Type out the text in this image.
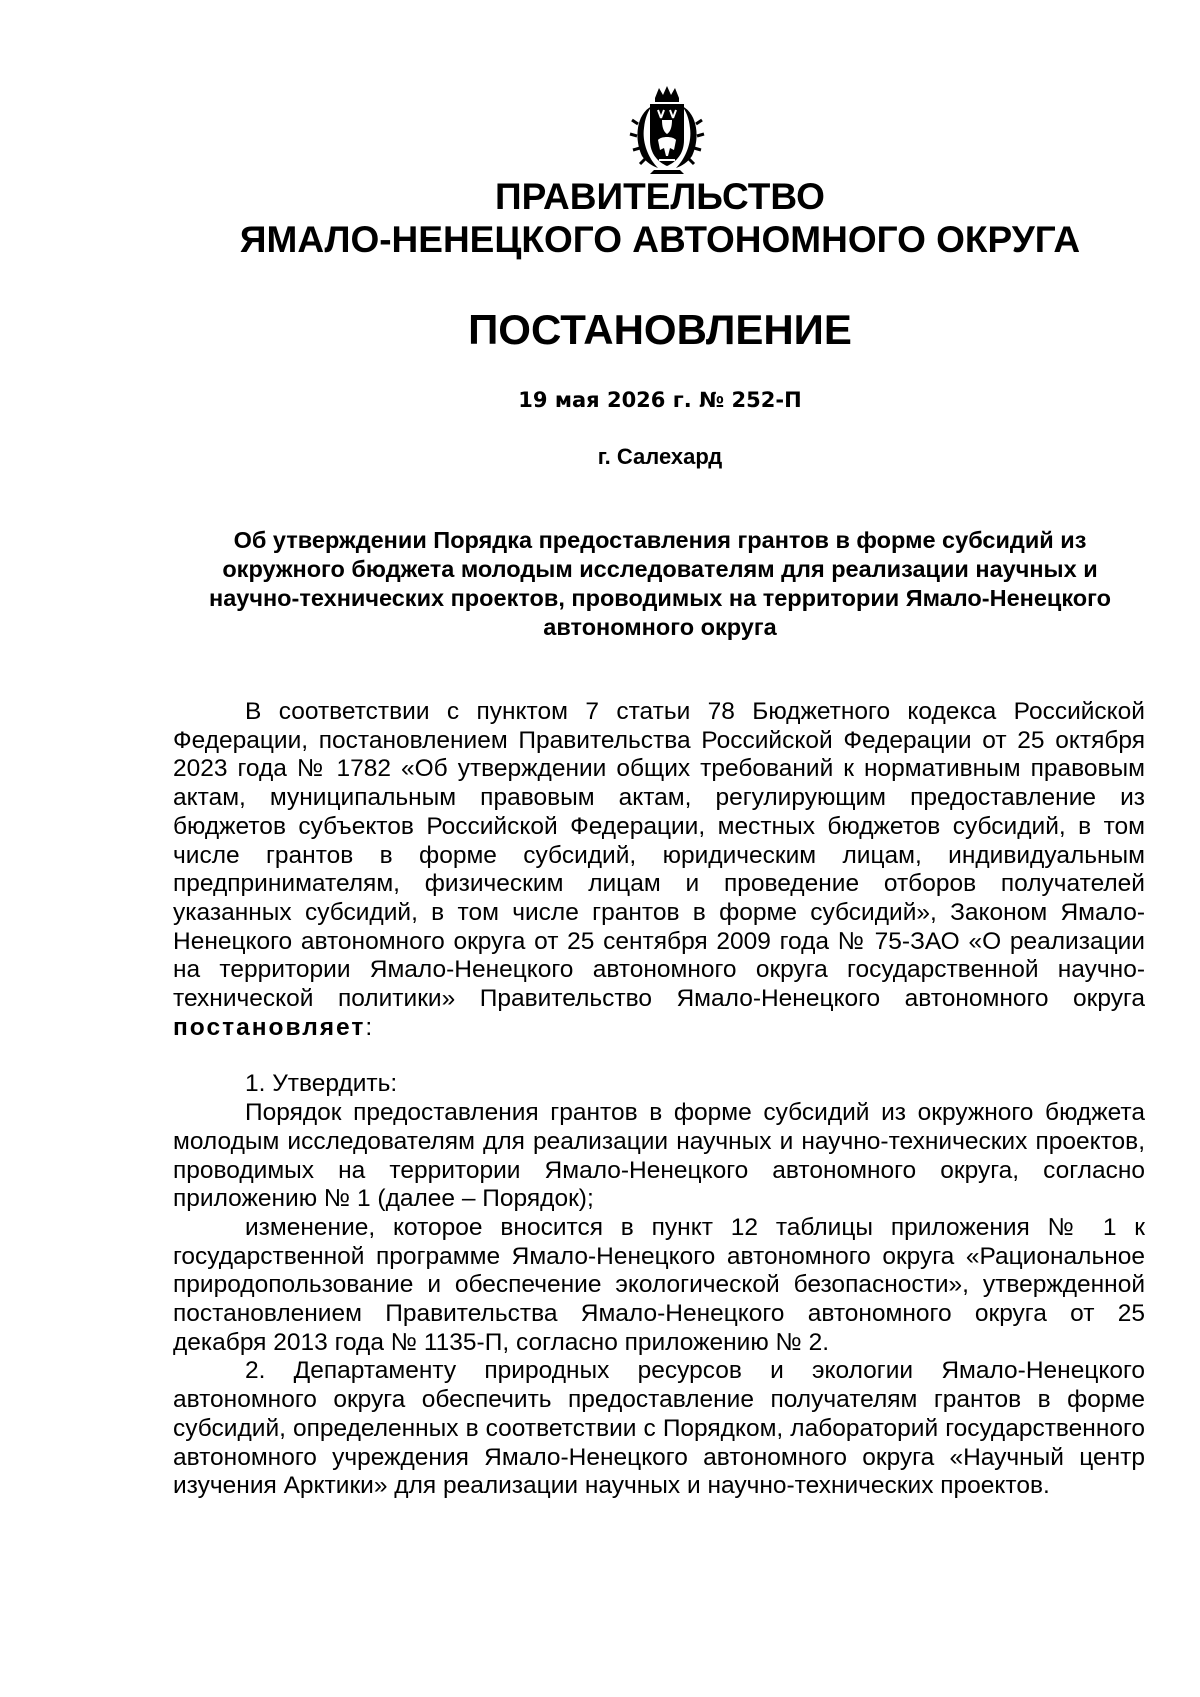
ПРАВИТЕЛЬСТВО

ЯМАЛО-НЕНЕЦКОГО АВТОНОМНОГО ОКРУГА

ПОСТАНОВЛЕНИЕ

19 мая 2026 г. № 252-П

г. Салехард

Об утверждении Порядка предоставления грантов в форме субсидий из окружного бюджета молодым исследователям для реализации научных и научно-технических проектов, проводимых на территории Ямало-Ненецкого автономного округа

В соответствии с пунктом 7 статьи 78 Бюджетного кодекса Российской Федерации, постановлением Правительства Российской Федерации от 25 октября 2023 года № 1782 «Об утверждении общих требований к нормативным правовым актам, муниципальным правовым актам, регулирующим предоставление из бюджетов субъектов Российской Федерации, местных бюджетов субсидий, в том числе грантов в форме субсидий, юридическим лицам, индивидуальным предпринимателям, физическим лицам и проведение отборов получателей указанных субсидий, в том числе грантов в форме субсидий», Законом Ямало-Ненецкого автономного округа от 25 сентября 2009 года № 75-ЗАО «О реализации на территории Ямало-Ненецкого автономного округа государственной научно-технической политики» Правительство Ямало-Ненецкого автономного округа постановляет:

1. Утвердить:

Порядок предоставления грантов в форме субсидий из окружного бюджета молодым исследователям для реализации научных и научно-технических проектов, проводимых на территории Ямало-Ненецкого автономного округа, согласно приложению № 1 (далее – Порядок);

изменение, которое вносится в пункт 12 таблицы приложения № 1 к государственной программе Ямало-Ненецкого автономного округа «Рациональное природопользование и обеспечение экологической безопасности», утвержденной постановлением Правительства Ямало-Ненецкого автономного округа от 25 декабря 2013 года № 1135-П, согласно приложению № 2.

2. Департаменту природных ресурсов и экологии Ямало-Ненецкого автономного округа обеспечить предоставление получателям грантов в форме субсидий, определенных в соответствии с Порядком, лабораторий государственного автономного учреждения Ямало-Ненецкого автономного округа «Научный центр изучения Арктики» для реализации научных и научно-технических проектов.
